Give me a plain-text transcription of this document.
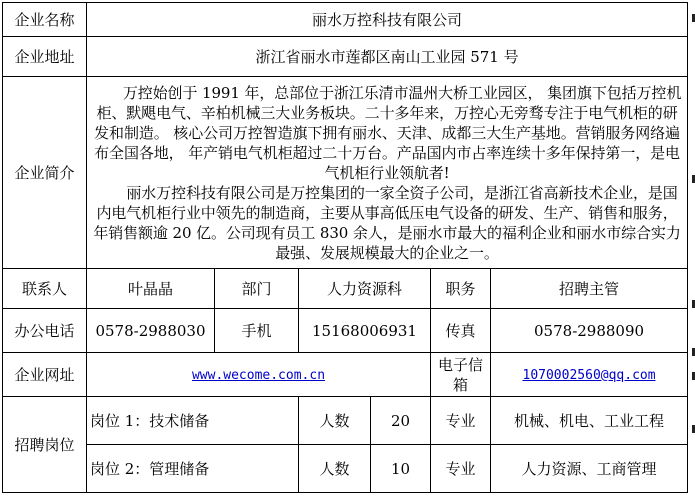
企业名称	丽水万控科技有限公司					
企业地址	浙江省丽水市莲都区南山工业园 571 号					
企业简介	万控始创于 1991 年，总部位于浙江乐清市温州大桥工业园区， 集团旗下包括万控机柜、默飓电气、辛柏机械三大业务板块。二十多年来，万控心无旁骛专注于电气机柜的研发和制造。 核心公司万控智造旗下拥有丽水、天津、成都三大生产基地。营销服务网络遍布全国各地， 年产销电气机柜超过二十万台。产品国内市占率连续十多年保持第一，是电气机柜行业领航者!

丽水万控科技有限公司是万控集团的一家全资子公司，是浙江省高新技术企业，是国内电气机柜行业中领先的制造商，主要从事高低压电气设备的研发、生产、销售和服务，年销售额逾 20 亿。公司现有员工 830 余人，是丽水市最大的福利企业和丽水市综合实力最强、发展规模最大的企业之一。					

联系人	叶晶晶	部门	人力资源科		职务	招聘主管
办公电话	0578-2988030	手机	15168006931		传真	0578-2988090
企业网址	www.wecome.com.cn				电子信箱	1070002560@qq.com
招聘岗位	岗位 1：技术储备		人数	20	专业	机械、机电、工业工程
	岗位 2：管理储备		人数	10	专业	人力资源、工商管理
